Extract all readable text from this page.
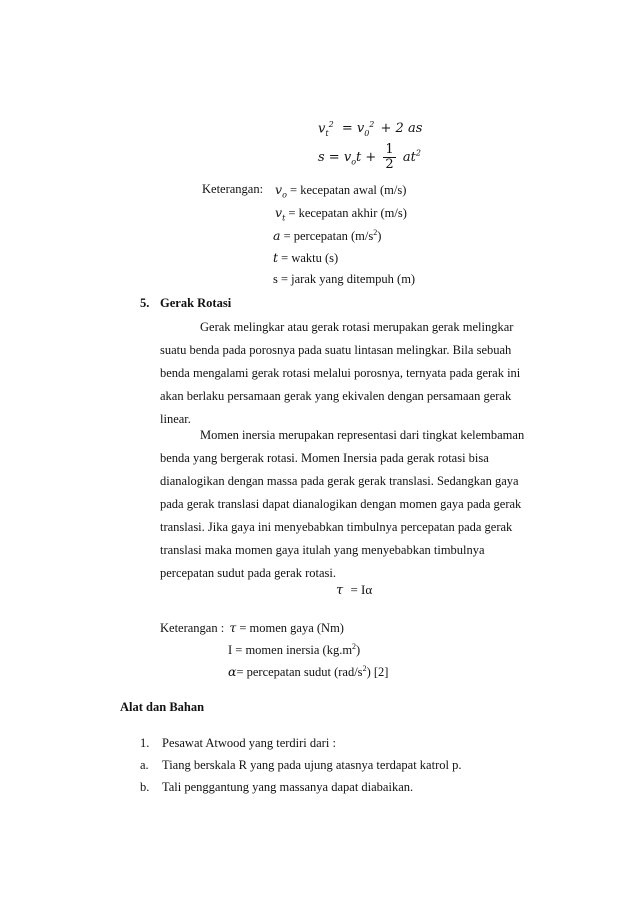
$v_t^2 = v_0^2 + 2$ as
$s = v_ot + \frac{1}{2} at^2$
Keterangan: $v_o$ = kecepatan awal (m/s)
$v_t$ = kecepatan akhir (m/s)
a = percepatan $(m/s^2)$
t = waktu (s)
s = jarak yang ditempuh (m)
5. Gerak Rotasi
Gerak melingkar atau gerak rotasi merupakan gerak melingkar
suatu benda pada porosnya pada suatu lintasan melingkar. Bila sebuah
benda mengalami gerak rotasi melalui porosnya, ternyata pada gerak ini
akan berlaku persamaan gerak yang ekivalen dengan persamaan gerak
linear.
Momen inersia merupakan representasi dari tingkat kelembaman
benda yang bergerak rotasi. Momen Inersia pada gerak rotasi bisa
dianalogikan dengan massa pada gerak gerak translasi. Sedangkan gaya
pada gerak translasi dapat dianalogikan dengan momen gaya pada gerak
translasi. Jika gaya ini menyebabkan timbulnya percepatan pada gerak
translasi maka momen gaya itulah yang menyebabkan timbulnya
percepatan sudut pada gerak rotasi.
τ = Iα
Keterangan : τ = momen gaya (Nm)
I = momen inersia $(kg.m^2)$
α= percepatan sudut $(rad/s^2)$ [2]
Alat dan Bahan
1. Pesawat Atwood yang terdiri dari :
a. Tiang berskala R yang pada ujung atasnya terdapat katrol p.
b. Tali penggantung yang massanya dapat diabaikan.
